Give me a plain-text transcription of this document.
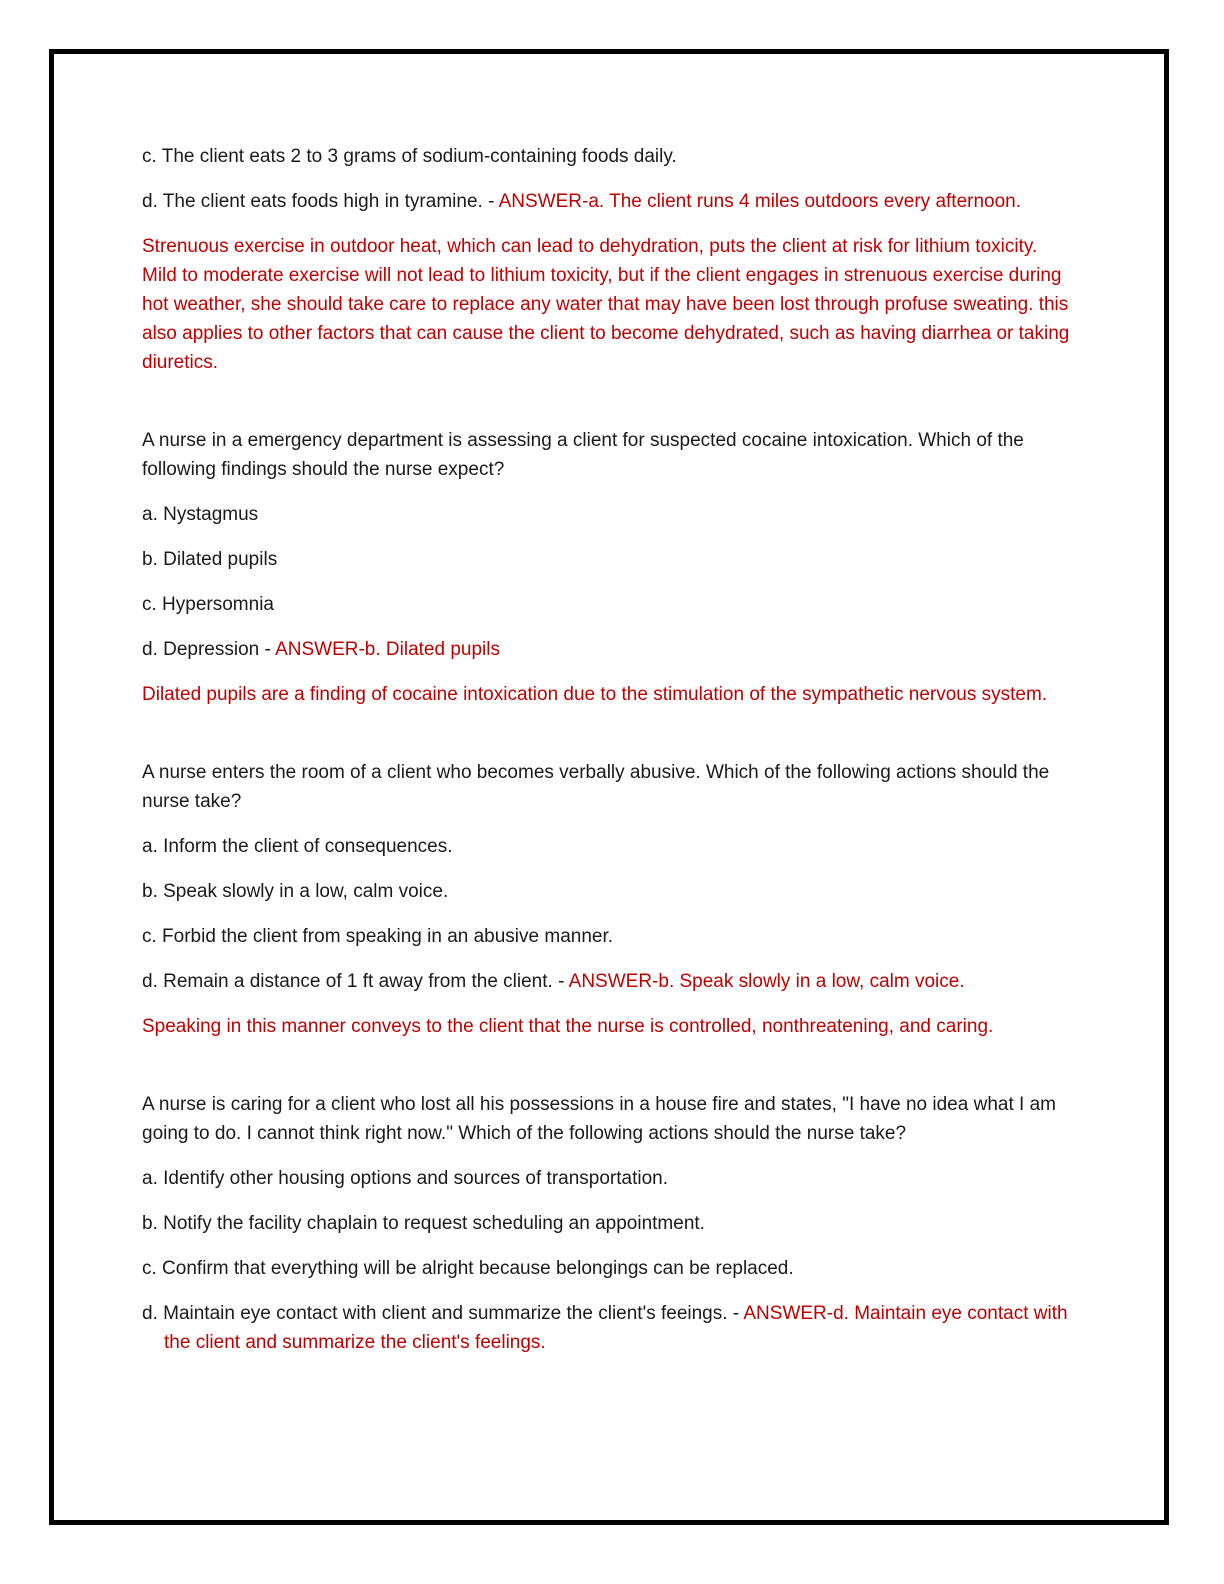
c. The client eats 2 to 3 grams of sodium-containing foods daily.

d. The client eats foods high in tyramine. - ANSWER-a. The client runs 4 miles outdoors every afternoon.

Strenuous exercise in outdoor heat, which can lead to dehydration, puts the client at risk for lithium toxicity. Mild to moderate exercise will not lead to lithium toxicity, but if the client engages in strenuous exercise during hot weather, she should take care to replace any water that may have been lost through profuse sweating. this also applies to other factors that can cause the client to become dehydrated, such as having diarrhea or taking diuretics.

A nurse in a emergency department is assessing a client for suspected cocaine intoxication. Which of the following findings should the nurse expect?

a. Nystagmus

b. Dilated pupils

c. Hypersomnia

d. Depression - ANSWER-b. Dilated pupils

Dilated pupils are a finding of cocaine intoxication due to the stimulation of the sympathetic nervous system.

A nurse enters the room of a client who becomes verbally abusive. Which of the following actions should the nurse take?

a. Inform the client of consequences.

b. Speak slowly in a low, calm voice.

c. Forbid the client from speaking in an abusive manner.

d. Remain a distance of 1 ft away from the client. - ANSWER-b. Speak slowly in a low, calm voice.

Speaking in this manner conveys to the client that the nurse is controlled, nonthreatening, and caring.

A nurse is caring for a client who lost all his possessions in a house fire and states, "I have no idea what I am going to do. I cannot think right now." Which of the following actions should the nurse take?

a. Identify other housing options and sources of transportation.

b. Notify the facility chaplain to request scheduling an appointment.

c. Confirm that everything will be alright because belongings can be replaced.

d. Maintain eye contact with client and summarize the client's feeings. - ANSWER-d. Maintain eye contact with the client and summarize the client's feelings.
